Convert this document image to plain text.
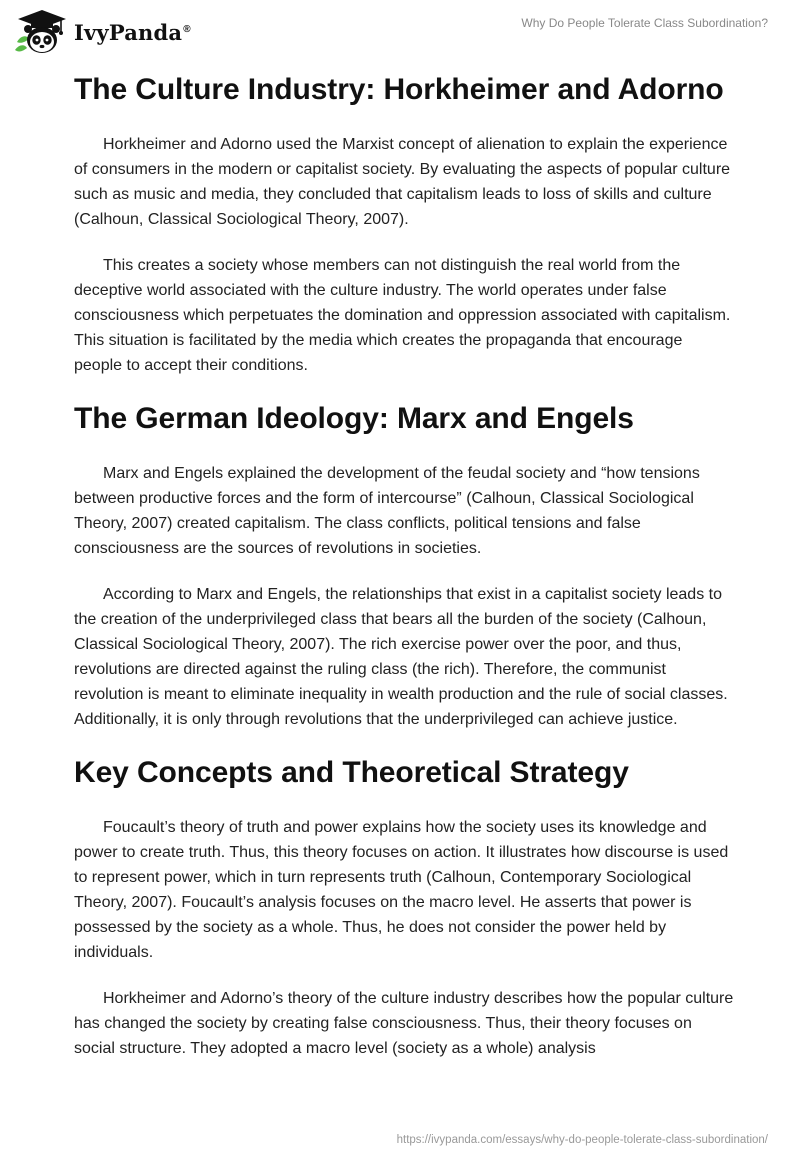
IvyPanda®	Why Do People Tolerate Class Subordination?
The Culture Industry: Horkheimer and Adorno

Horkheimer and Adorno used the Marxist concept of alienation to explain the experience of consumers in the modern or capitalist society. By evaluating the aspects of popular culture such as music and media, they concluded that capitalism leads to loss of skills and culture (Calhoun, Classical Sociological Theory, 2007).

This creates a society whose members can not distinguish the real world from the deceptive world associated with the culture industry. The world operates under false consciousness which perpetuates the domination and oppression associated with capitalism. This situation is facilitated by the media which creates the propaganda that encourage people to accept their conditions.

The German Ideology: Marx and Engels

Marx and Engels explained the development of the feudal society and “how tensions between productive forces and the form of intercourse” (Calhoun, Classical Sociological Theory, 2007) created capitalism. The class conflicts, political tensions and false consciousness are the sources of revolutions in societies.

According to Marx and Engels, the relationships that exist in a capitalist society leads to the creation of the underprivileged class that bears all the burden of the society (Calhoun, Classical Sociological Theory, 2007). The rich exercise power over the poor, and thus, revolutions are directed against the ruling class (the rich). Therefore, the communist revolution is meant to eliminate inequality in wealth production and the rule of social classes. Additionally, it is only through revolutions that the underprivileged can achieve justice.

Key Concepts and Theoretical Strategy

Foucault’s theory of truth and power explains how the society uses its knowledge and power to create truth. Thus, this theory focuses on action. It illustrates how discourse is used to represent power, which in turn represents truth (Calhoun, Contemporary Sociological Theory, 2007). Foucault’s analysis focuses on the macro level. He asserts that power is possessed by the society as a whole. Thus, he does not consider the power held by individuals.

Horkheimer and Adorno’s theory of the culture industry describes how the popular culture has changed the society by creating false consciousness. Thus, their theory focuses on social structure. They adopted a macro level (society as a whole) analysis

https://ivypanda.com/essays/why-do-people-tolerate-class-subordination/
